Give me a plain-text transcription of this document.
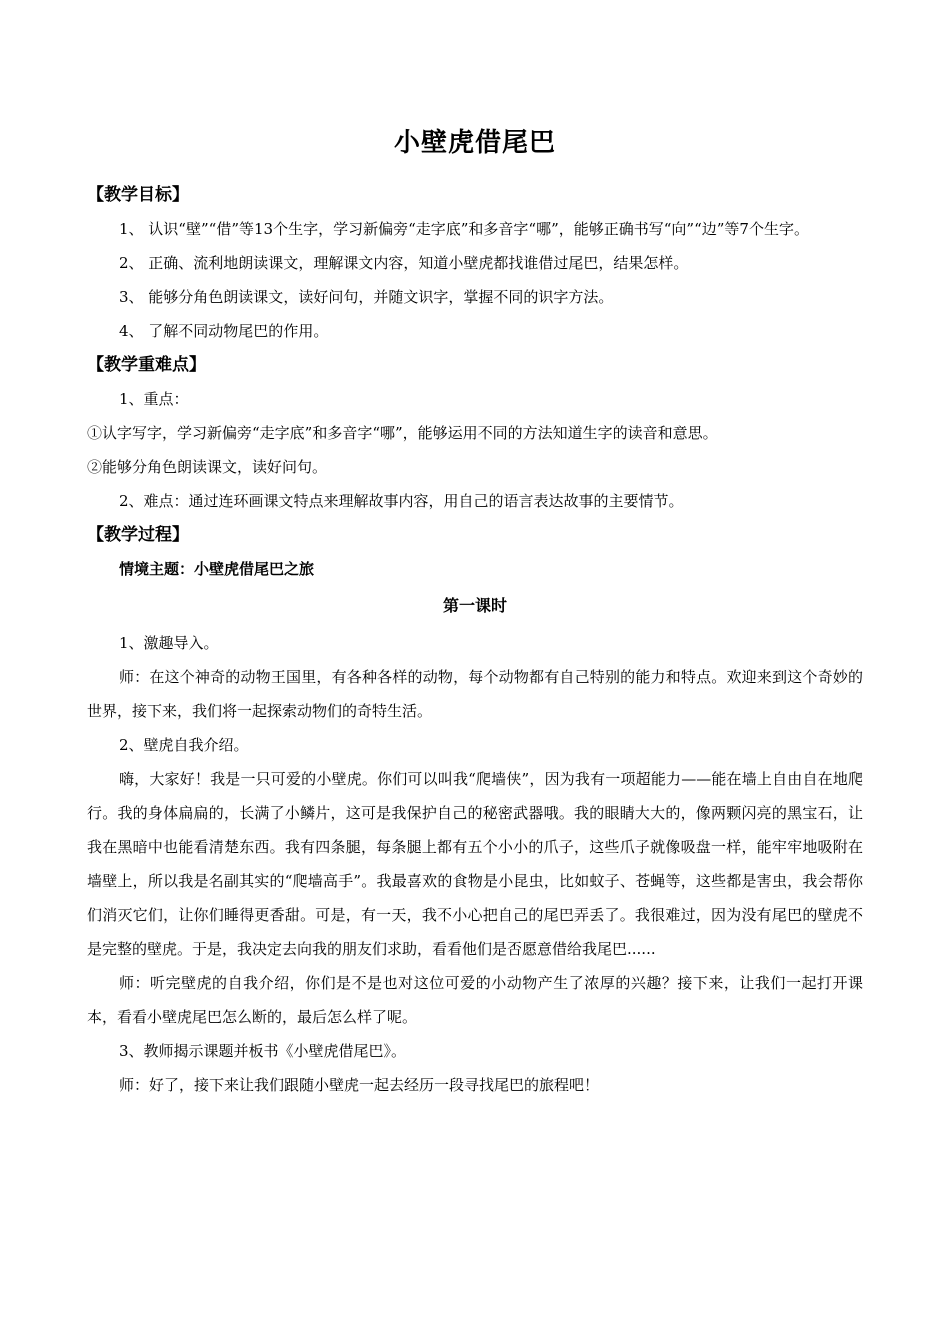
小壁虎借尾巴

【教学目标】

1、 认识“壁”“借”等13个生字，学习新偏旁“走字底”和多音字“哪”，能够正确书写“向”“边”等7个生字。

2、 正确、流利地朗读课文，理解课文内容，知道小壁虎都找谁借过尾巴，结果怎样。

3、 能够分角色朗读课文，读好问句，并随文识字，掌握不同的识字方法。

4、 了解不同动物尾巴的作用。

【教学重难点】

1、重点：

①认字写字，学习新偏旁“走字底”和多音字“哪”，能够运用不同的方法知道生字的读音和意思。

②能够分角色朗读课文，读好问句。

2、难点：通过连环画课文特点来理解故事内容，用自己的语言表达故事的主要情节。

【教学过程】

情境主题：小壁虎借尾巴之旅

第一课时

1、激趣导入。

师：在这个神奇的动物王国里，有各种各样的动物，每个动物都有自己特别的能力和特点。欢迎来到这个奇妙的世界，接下来，我们将一起探索动物们的奇特生活。

2、壁虎自我介绍。

嗨，大家好！我是一只可爱的小壁虎。你们可以叫我“爬墙侠”，因为我有一项超能力——能在墙上自由自在地爬行。我的身体扁扁的，长满了小鳞片，这可是我保护自己的秘密武器哦。我的眼睛大大的，像两颗闪亮的黑宝石，让我在黑暗中也能看清楚东西。我有四条腿，每条腿上都有五个小小的爪子，这些爪子就像吸盘一样，能牢牢地吸附在墙壁上，所以我是名副其实的“爬墙高手”。我最喜欢的食物是小昆虫，比如蚊子、苍蝇等，这些都是害虫，我会帮你们消灭它们，让你们睡得更香甜。可是，有一天，我不小心把自己的尾巴弄丢了。我很难过，因为没有尾巴的壁虎不是完整的壁虎。于是，我决定去向我的朋友们求助，看看他们是否愿意借给我尾巴......

师：听完壁虎的自我介绍，你们是不是也对这位可爱的小动物产生了浓厚的兴趣？接下来，让我们一起打开课本，看看小壁虎尾巴怎么断的，最后怎么样了呢。

3、教师揭示课题并板书《小壁虎借尾巴》。

师：好了，接下来让我们跟随小壁虎一起去经历一段寻找尾巴的旅程吧！
